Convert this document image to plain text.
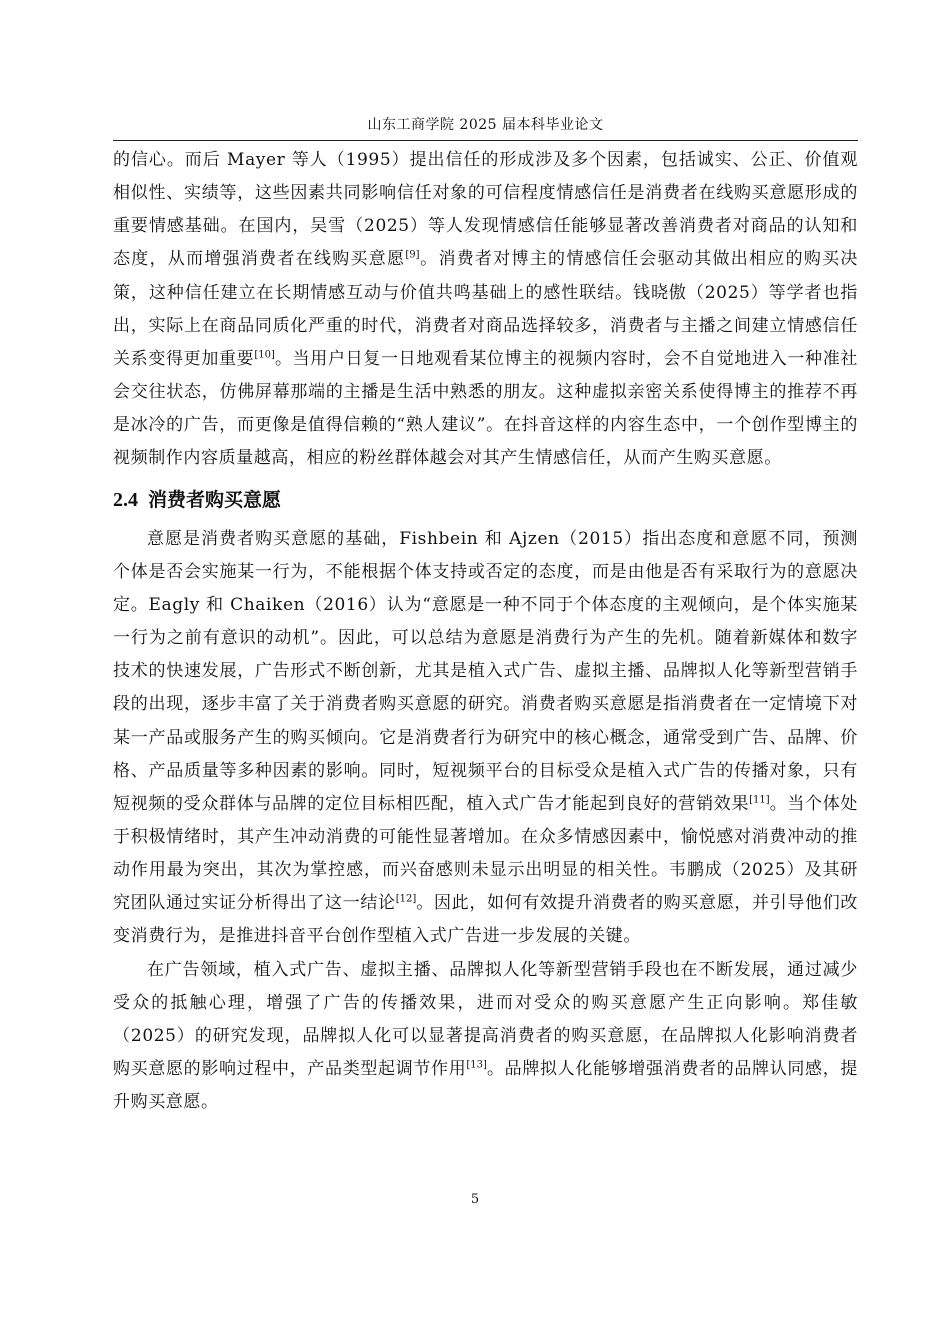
山东工商学院 2025 届本科毕业论文

的信心。而后 Mayer 等人（1995）提出信任的形成涉及多个因素，包括诚实、公正、价值观相似性、实绩等，这些因素共同影响信任对象的可信程度情感信任是消费者在线购买意愿形成的重要情感基础。在国内，吴雪（2025）等人发现情感信任能够显著改善消费者对商品的认知和态度，从而增强消费者在线购买意愿[9]。消费者对博主的情感信任会驱动其做出相应的购买决策，这种信任建立在长期情感互动与价值共鸣基础上的感性联结。钱晓傲（2025）等学者也指出，实际上在商品同质化严重的时代，消费者对商品选择较多，消费者与主播之间建立情感信任关系变得更加重要[10]。当用户日复一日地观看某位博主的视频内容时，会不自觉地进入一种准社会交往状态，仿佛屏幕那端的主播是生活中熟悉的朋友。这种虚拟亲密关系使得博主的推荐不再是冰冷的广告，而更像是值得信赖的“熟人建议”。在抖音这样的内容生态中，一个创作型博主的视频制作内容质量越高，相应的粉丝群体越会对其产生情感信任，从而产生购买意愿。

2.4 消费者购买意愿

意愿是消费者购买意愿的基础，Fishbein 和 Ajzen（2015）指出态度和意愿不同，预测个体是否会实施某一行为，不能根据个体支持或否定的态度，而是由他是否有采取行为的意愿决定。Eagly 和 Chaiken（2016）认为“意愿是一种不同于个体态度的主观倾向，是个体实施某一行为之前有意识的动机”。因此，可以总结为意愿是消费行为产生的先机。随着新媒体和数字技术的快速发展，广告形式不断创新，尤其是植入式广告、虚拟主播、品牌拟人化等新型营销手段的出现，逐步丰富了关于消费者购买意愿的研究。消费者购买意愿是指消费者在一定情境下对某一产品或服务产生的购买倾向。它是消费者行为研究中的核心概念，通常受到广告、品牌、价格、产品质量等多种因素的影响。同时，短视频平台的目标受众是植入式广告的传播对象，只有短视频的受众群体与品牌的定位目标相匹配，植入式广告才能起到良好的营销效果[11]。当个体处于积极情绪时，其产生冲动消费的可能性显著增加。在众多情感因素中，愉悦感对消费冲动的推动作用最为突出，其次为掌控感，而兴奋感则未显示出明显的相关性。韦鹏成（2025）及其研究团队通过实证分析得出了这一结论[12]。因此，如何有效提升消费者的购买意愿，并引导他们改变消费行为，是推进抖音平台创作型植入式广告进一步发展的关键。

在广告领域，植入式广告、虚拟主播、品牌拟人化等新型营销手段也在不断发展，通过减少受众的抵触心理，增强了广告的传播效果，进而对受众的购买意愿产生正向影响。郑佳敏（2025）的研究发现，品牌拟人化可以显著提高消费者的购买意愿，在品牌拟人化影响消费者购买意愿的影响过程中，产品类型起调节作用[13]。品牌拟人化能够增强消费者的品牌认同感，提升购买意愿。

5
